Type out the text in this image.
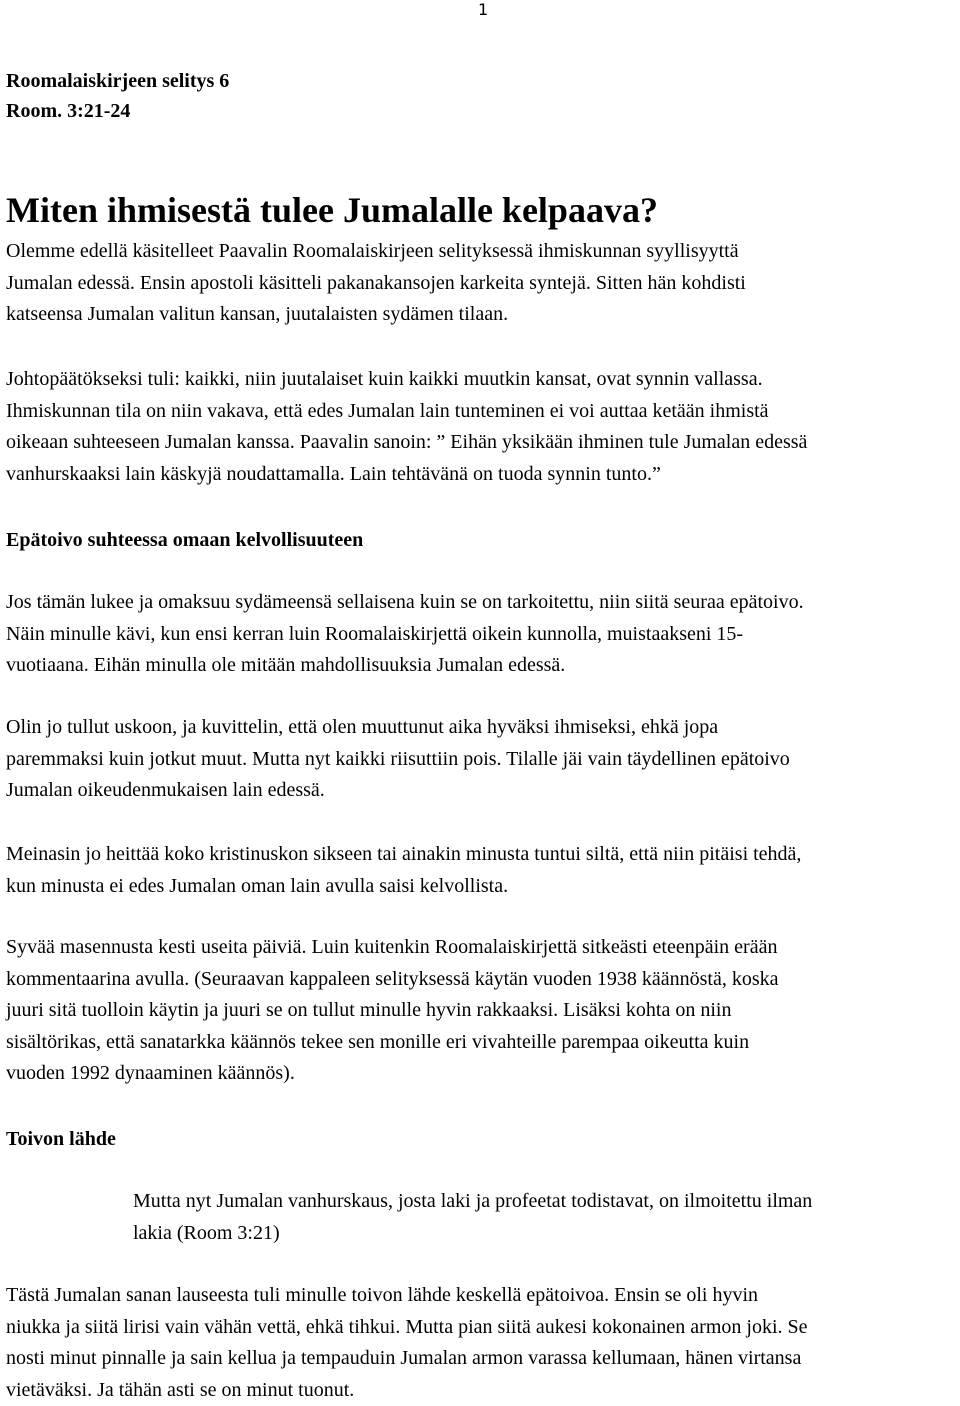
1
Roomalaiskirjeen selitys 6
Room. 3:21-24
Miten ihmisestä tulee Jumalalle kelpaava?
Olemme edellä käsitelleet Paavalin Roomalaiskirjeen selityksessä ihmiskunnan syyllisyyttä
Jumalan edessä. Ensin apostoli käsitteli pakanakansojen karkeita syntejä. Sitten hän kohdisti
katseensa Jumalan valitun kansan, juutalaisten sydämen tilaan.
Johtopäätökseksi tuli: kaikki, niin juutalaiset kuin kaikki muutkin kansat, ovat synnin vallassa.
Ihmiskunnan tila on niin vakava, että edes Jumalan lain tunteminen ei voi auttaa ketään ihmistä
oikeaan suhteeseen Jumalan kanssa. Paavalin sanoin: ” Eihän yksikään ihminen tule Jumalan edessä
vanhurskaaksi lain käskyjä noudattamalla. Lain tehtävänä on tuoda synnin tunto.”
Epätoivo suhteessa omaan kelvollisuuteen
Jos tämän lukee ja omaksuu sydämeensä sellaisena kuin se on tarkoitettu, niin siitä seuraa epätoivo.
Näin minulle kävi, kun ensi kerran luin Roomalaiskirjettä oikein kunnolla, muistaakseni 15-
vuotiaana. Eihän minulla ole mitään mahdollisuuksia Jumalan edessä.
Olin jo tullut uskoon, ja kuvittelin, että olen muuttunut aika hyväksi ihmiseksi, ehkä jopa
paremmaksi kuin jotkut muut. Mutta nyt kaikki riisuttiin pois. Tilalle jäi vain täydellinen epätoivo
Jumalan oikeudenmukaisen lain edessä.
Meinasin jo heittää koko kristinuskon sikseen tai ainakin minusta tuntui siltä, että niin pitäisi tehdä,
kun minusta ei edes Jumalan oman lain avulla saisi kelvollista.
Syvää masennusta kesti useita päiviä. Luin kuitenkin Roomalaiskirjettä sitkeästi eteenpäin erään
kommentaarina avulla. (Seuraavan kappaleen selityksessä käytän vuoden 1938 käännöstä, koska
juuri sitä tuolloin käytin ja juuri se on tullut minulle hyvin rakkaaksi. Lisäksi kohta on niin
sisältörikas, että sanatarkka käännös tekee sen monille eri vivahteille parempaa oikeutta kuin
vuoden 1992 dynaaminen käännös).
Toivon lähde
Mutta nyt Jumalan vanhurskaus, josta laki ja profeetat todistavat, on ilmoitettu ilman
lakia (Room 3:21)
Tästä Jumalan sanan lauseesta tuli minulle toivon lähde keskellä epätoivoa. Ensin se oli hyvin
niukka ja siitä lirisi vain vähän vettä, ehkä tihkui. Mutta pian siitä aukesi kokonainen armon joki. Se
nosti minut pinnalle ja sain kellua ja tempauduin Jumalan armon varassa kellumaan, hänen virtansa
vietäväksi. Ja tähän asti se on minut tuonut.
